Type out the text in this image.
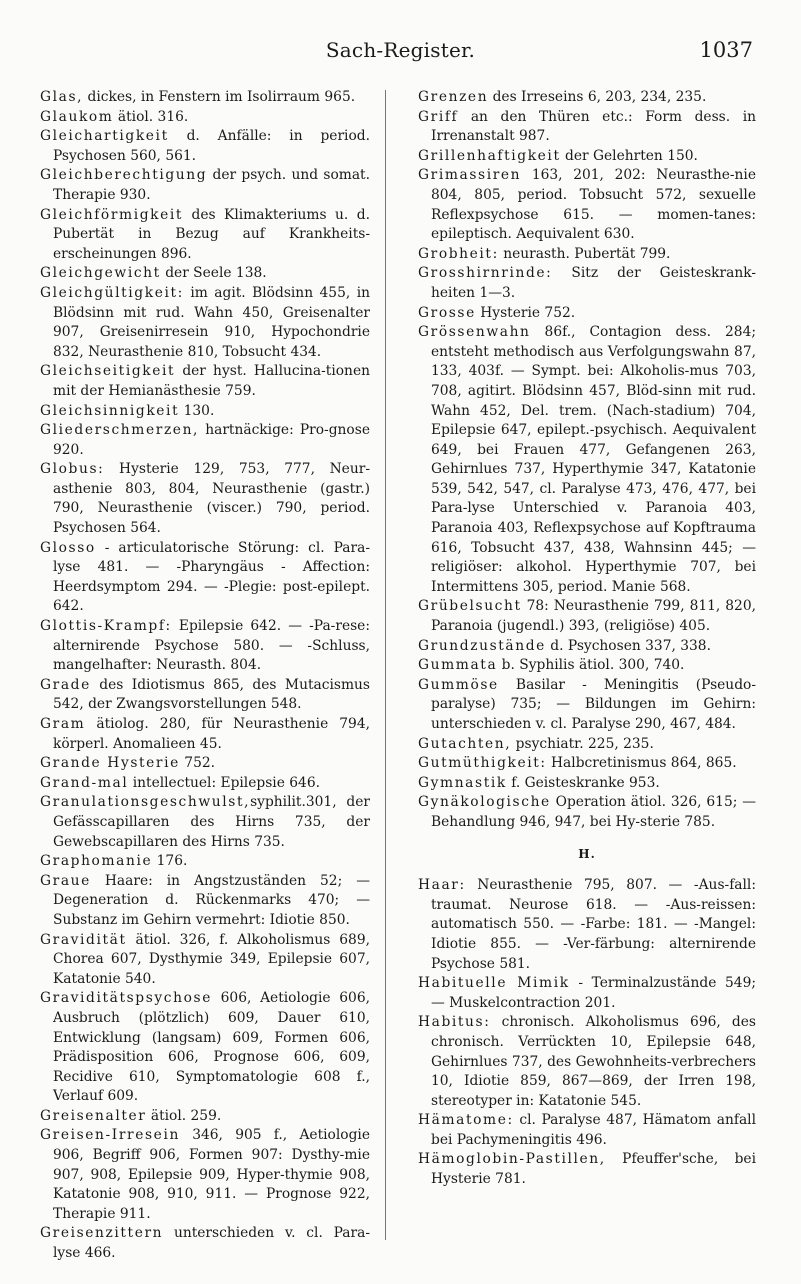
Sach-Register.	1037

Glas, dickes, in Fenstern im Isolirraum 965.

Glaukom ätiol. 316.

Gleichartigkeit d. Anfälle: in period. Psychosen 560, 561.

Gleichberechtigung der psych. und somat. Therapie 930.

Gleichförmigkeit des Klimakteriums u. d. Pubertät in Bezug auf Krankheits-erscheinungen 896.

Gleichgewicht der Seele 138.

Gleichgültigkeit: im agit. Blödsinn 455, in Blödsinn mit rud. Wahn 450, Greisenalter 907, Greisenirresein 910, Hypochondrie 832, Neurasthenie 810, Tobsucht 434.

Gleichseitigkeit der hyst. Hallucina-tionen mit der Hemianästhesie 759.

Gleichsinnigkeit 130.

Gliederschmerzen, hartnäckige: Pro-gnose 920.

Globus: Hysterie 129, 753, 777, Neur-asthenie 803, 804, Neurasthenie (gastr.) 790, Neurasthenie (viscer.) 790, period. Psychosen 564.

Glosso - articulatorische Störung: cl. Para-lyse 481. — -Pharyngäus - Affection: Heerdsymptom 294. — -Plegie: post-epilept. 642.

Glottis-Krampf: Epilepsie 642. — -Pa-rese: alternirende Psychose 580. — -Schluss, mangelhafter: Neurasth. 804.

Grade des Idiotismus 865, des Mutacismus 542, der Zwangsvorstellungen 548.

Gram ätiolog. 280, für Neurasthenie 794, körperl. Anomalieen 45.

Grande Hysterie 752.

Grand-mal intellectuel: Epilepsie 646.

Granulationsgeschwulst,syphilit.301, der Gefässcapillaren des Hirns 735, der Gewebscapillaren des Hirns 735.

Graphomanie 176.

Graue Haare: in Angstzuständen 52; — Degeneration d. Rückenmarks 470; — Substanz im Gehirn vermehrt: Idiotie 850.

Gravidität ätiol. 326, f. Alkoholismus 689, Chorea 607, Dysthymie 349, Epilepsie 607, Katatonie 540.

Graviditätspsychose 606, Aetiologie 606, Ausbruch (plötzlich) 609, Dauer 610, Entwicklung (langsam) 609, Formen 606, Prädisposition 606, Prognose 606, 609, Recidive 610, Symptomatologie 608 f., Verlauf 609.

Greisenalter ätiol. 259.

Greisen-Irresein 346, 905 f., Aetiologie 906, Begriff 906, Formen 907: Dysthy-mie 907, 908, Epilepsie 909, Hyper-thymie 908, Katatonie 908, 910, 911. — Prognose 922, Therapie 911.

Greisenzittern unterschieden v. cl. Para-lyse 466.

Grenzen des Irreseins 6, 203, 234, 235.

Griff an den Thüren etc.: Form dess. in Irrenanstalt 987.

Grillenhaftigkeit der Gelehrten 150.

Grimassiren 163, 201, 202: Neurasthe-nie 804, 805, period. Tobsucht 572, sexuelle Reflexpsychose 615. — momen-tanes: epileptisch. Aequivalent 630.

Grobheit: neurasth. Pubertät 799.

Grosshirnrinde: Sitz der Geisteskrank-heiten 1—3.

Grosse Hysterie 752.

Grössenwahn 86f., Contagion dess. 284; entsteht methodisch aus Verfolgungswahn 87, 133, 403f. — Sympt. bei: Alkoholis-mus 703, 708, agitirt. Blödsinn 457, Blöd-sinn mit rud. Wahn 452, Del. trem. (Nach-stadium) 704, Epilepsie 647, epilept.-psychisch. Aequivalent 649, bei Frauen 477, Gefangenen 263, Gehirnlues 737, Hyperthymie 347, Katatonie 539, 542, 547, cl. Paralyse 473, 476, 477, bei Para-lyse Unterschied v. Paranoia 403, Paranoia 403, Reflexpsychose auf Kopftrauma 616, Tobsucht 437, 438, Wahnsinn 445; — religiöser: alkohol. Hyperthymie 707, bei Intermittens 305, period. Manie 568.

Grübelsucht 78: Neurasthenie 799, 811, 820, Paranoia (jugendl.) 393, (religiöse) 405.

Grundzustände d. Psychosen 337, 338.

Gummata b. Syphilis ätiol. 300, 740.

Gummöse Basilar - Meningitis (Pseudo-paralyse) 735; — Bildungen im Gehirn: unterschieden v. cl. Paralyse 290, 467, 484.

Gutachten, psychiatr. 225, 235.

Gutmüthigkeit: Halbcretinismus 864, 865.

Gymnastik f. Geisteskranke 953.

Gynäkologische Operation ätiol. 326, 615; — Behandlung 946, 947, bei Hy-sterie 785.

H.

Haar: Neurasthenie 795, 807. — -Aus-fall: traumat. Neurose 618. — -Aus-reissen: automatisch 550. — -Farbe: 181. — -Mangel: Idiotie 855. — -Ver-färbung: alternirende Psychose 581.

Habituelle Mimik - Terminalzustände 549; — Muskelcontraction 201.

Habitus: chronisch. Alkoholismus 696, des chronisch. Verrückten 10, Epilepsie 648, Gehirnlues 737, des Gewohnheits-verbrechers 10, Idiotie 859, 867—869, der Irren 198, stereotyper in: Katatonie 545.

Hämatome: cl. Paralyse 487, Hämatom anfall bei Pachymeningitis 496.

Hämoglobin-Pastillen, Pfeuffer'sche, bei Hysterie 781.
